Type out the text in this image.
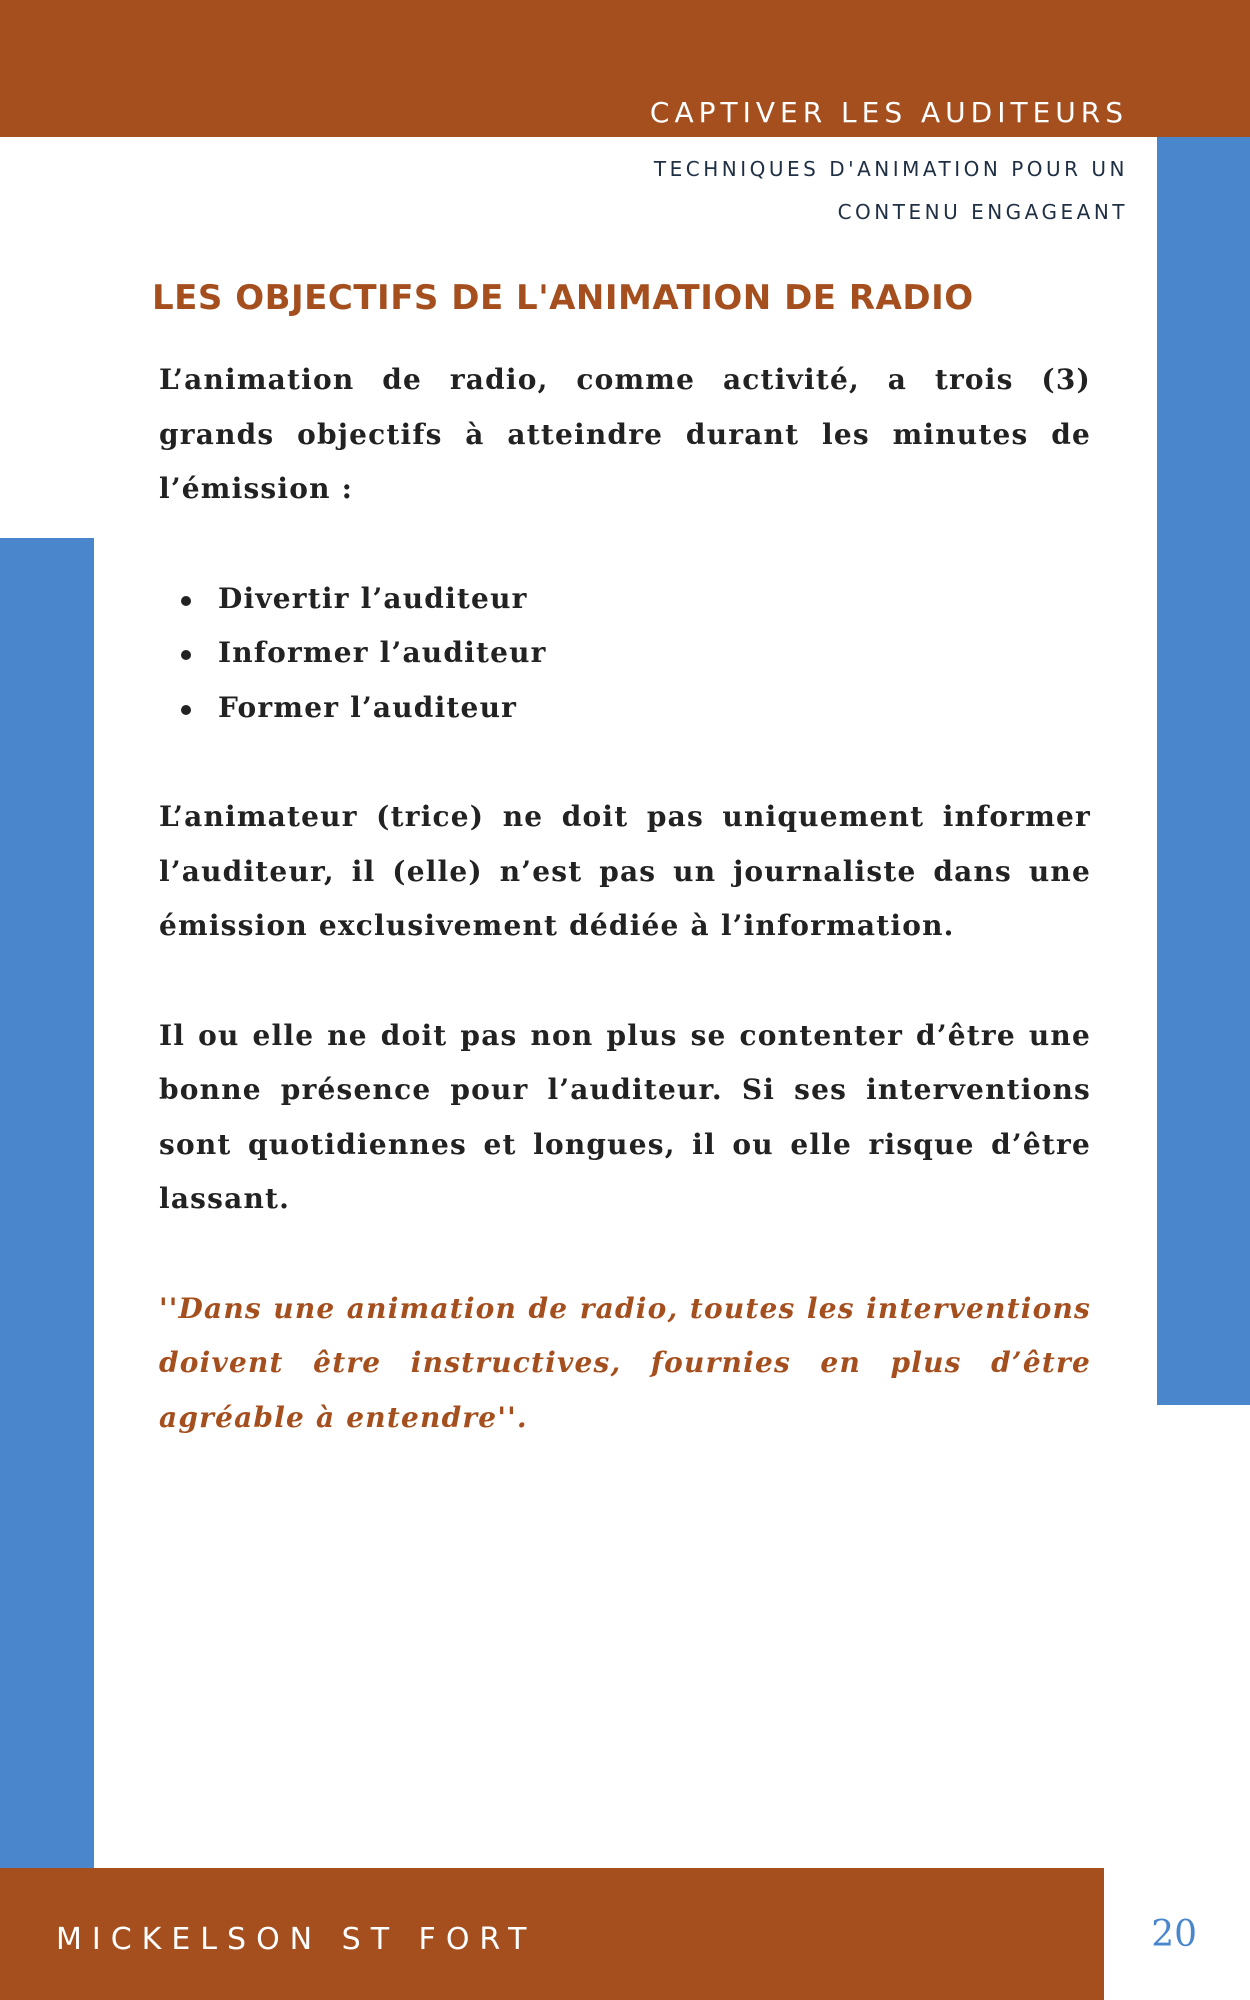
CAPTIVER LES AUDITEURS
TECHNIQUES D'ANIMATION POUR UN CONTENU ENGAGEANT
LES OBJECTIFS DE L'ANIMATION DE RADIO

L’animation de radio, comme activité, a trois (3) grands objectifs à atteindre durant les minutes de l’émission :

Divertir l’auditeur
Informer l’auditeur
Former l’auditeur

L’animateur (trice) ne doit pas uniquement informer l’auditeur, il (elle) n’est pas un journaliste dans une émission exclusivement dédiée à l’information.

Il ou elle ne doit pas non plus se contenter d’être une bonne présence pour l’auditeur. Si ses interventions sont quotidiennes et longues, il ou elle risque d’être lassant.

''Dans une animation de radio, toutes les interventions doivent être instructives, fournies en plus d’être agréable à entendre''.

MICKELSON ST FORT	20
